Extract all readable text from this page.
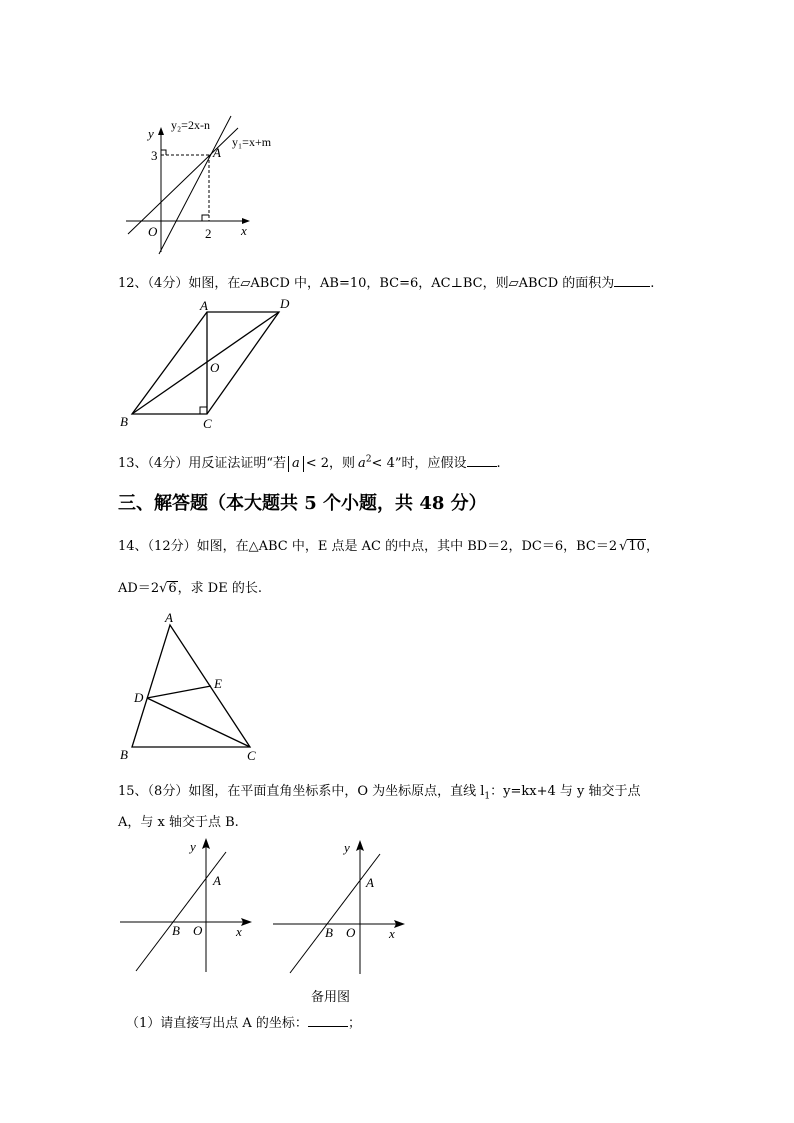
y
x
O
3
2
y₂=2x-n
y₁=x+m
A
12、（4分）如图，在▱ABCD 中，AB=10，BC=6，AC⊥BC，则▱ABCD 的面积为	.
A	D
B	C
O
13、（4分）用反证法证明“若 a < 2，则 $a^2< 4$”时，应假设 .
三、解答题（本大题共 5 个小题，共 48 分）
14、（12分）如图，在△ABC 中，E 点是 AC 的中点，其中 BD＝2，DC＝6，BC＝2 √10，
AD＝2√6，求 DE 的长.
A
B	C
D
E
15、（8分）如图，在平面直角坐标系中，O 为坐标原点，直线 $l_1$：y=kx+4 与 y 轴交于点
A，与 x 轴交于点 B.
y
x
O
B
A
y
x
O
B
A
备用图
（1）请直接写出点 A 的坐标：	；
